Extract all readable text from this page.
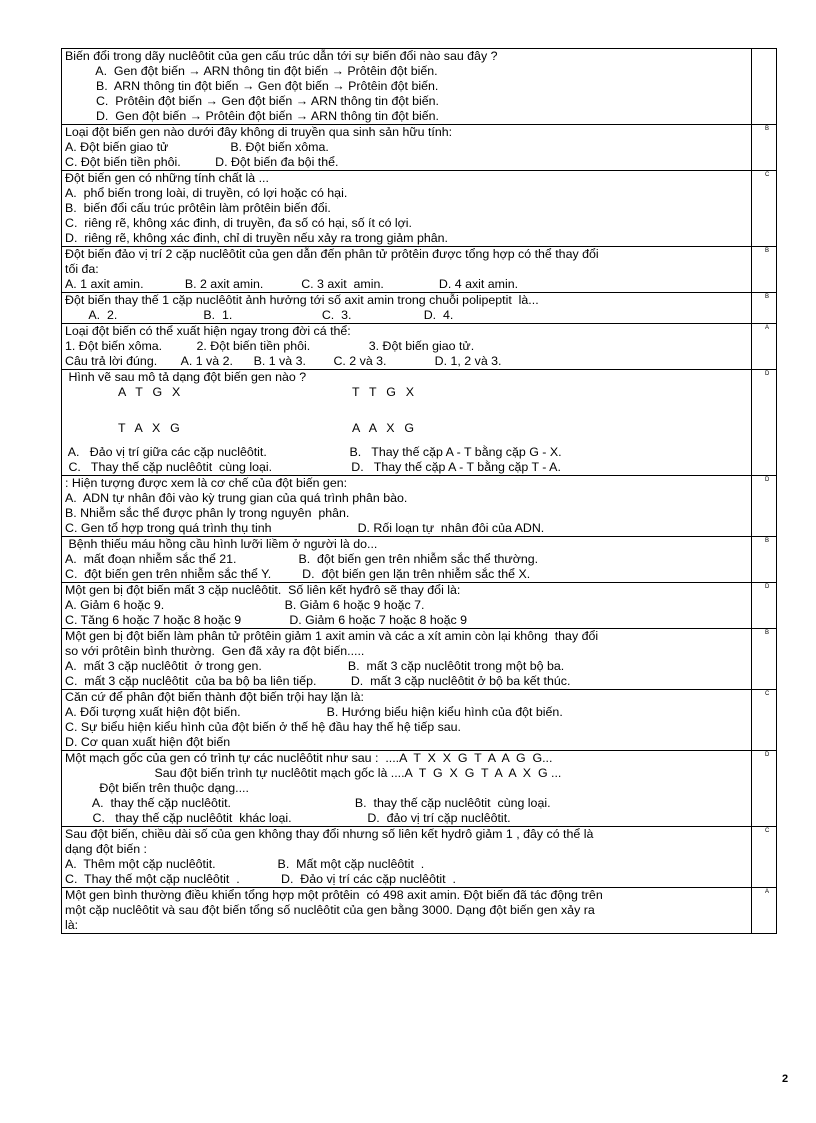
Biến đổi trong dãy nuclêôtit của gen cấu trúc dẫn tới sự biến đổi nào sau đây ?
A.  Gen đột biến → ARN thông tin đột biến → Prôtêin đột biến.
B.  ARN thông tin đột biến → Gen đột biến → Prôtêin đột biến.
C.  Prôtêin đột biến → Gen đột biến → ARN thông tin đột biến.
D.  Gen đột biến → Prôtêin đột biến → ARN thông tin đột biến.
Loại đột biến gen nào dưới đây không di truyền qua sinh sản hữu tính:
A. Đột biến giao tử                  B. Đột biến xôma.
C. Đột biến tiền phôi.          D. Đột biến đa bội thể.
B
Đột biến gen có những tính chất là ...
A.  phổ biến trong loài, di truyền, có lợi hoặc có hại.
B.  biến đổi cấu trúc prôtêin làm prôtêin biến đổi.
C.  riêng rẽ, không xác đinh, di truyền, đa số có hại, số ít có lợi.
D.  riêng rẽ, không xác đinh, chỉ di truyền nếu xảy ra trong giảm phân.
C
Đột biến đảo vị trí 2 cặp nuclêôtit của gen dẫn đến phân tử prôtêin được tổng hợp có thể thay đổi
tối đa:
A. 1 axit amin.            B. 2 axit amin.           C. 3 axit  amin.                D. 4 axit amin.
B
Đột biến thay thế 1 cặp nuclêôtit ảnh hưởng tới số axit amin trong chuỗi polipeptit  là...
A.  2.                         B.  1.                          C.  3.                     D.  4.
B
Loại đột biến có thể xuất hiện ngay trong đời cá thể:
1. Đột biến xôma.          2. Đột biến tiền phôi.                 3. Đột biến giao tử.
Câu trả lời đúng.       A. 1 và 2.      B. 1 và 3.        C. 2 và 3.              D. 1, 2 và 3.
A
Hình vẽ sau mô tả dạng đột biến gen nào ?
A  T  G  X	T  T  G  X
T  A  X  G	A  A  X  G
A.   Đảo vị trí giữa các cặp nuclêôtit.                        B.   Thay thế cặp A - T bằng cặp G - X.
C.   Thay thế cặp nuclêôtit  cùng loại.                       D.   Thay thế cặp A - T bằng cặp T - A.
D
: Hiện tượng được xem là cơ chế của đột biến gen:
A.  ADN tự nhân đôi vào kỳ trung gian của quá trình phân bào.
B. Nhiễm sắc thể được phân ly trong nguyên  phân.
C. Gen tổ hợp trong quá trình thụ tinh                         D. Rối loạn tự  nhân đôi của ADN.
D
Bệnh thiếu máu hồng cầu hình lưỡi liềm ở người là do...
A.  mất đoạn nhiễm sắc thể 21.                  B.  đột biến gen trên nhiễm sắc thể thường.
C.  đột biến gen trên nhiễm sắc thể Y.         D.  đột biến gen lặn trên nhiễm sắc thể X.
B
Một gen bị đột biến mất 3 cặp nuclêôtit.  Số liên kết hyđrô sẽ thay đổi là:
A. Giảm 6 hoặc 9.                                   B. Giảm 6 hoặc 9 hoặc 7.
C. Tăng 6 hoặc 7 hoặc 8 hoặc 9              D. Giảm 6 hoặc 7 hoặc 8 hoặc 9
D
Một gen bị đột biến làm phân tử prôtêin giảm 1 axit amin và các a xít amin còn lại không  thay đổi
so với prôtêin bình thường.  Gen đã xảy ra đột biến.....
A.  mất 3 cặp nuclêôtit  ở trong gen.                         B.  mất 3 cặp nuclêôtit trong một bộ ba.
C.  mất 3 cặp nuclêôtit  của ba bộ ba liên tiếp.          D.  mất 3 cặp nuclêôtit ở bộ ba kết thúc.
B
Căn cứ để phân đột biến thành đột biến trội hay lặn là:
A. Đối tượng xuất hiện đột biến.                         B. Hướng biểu hiện kiểu hình của đột biến.
C. Sự biểu hiện kiểu hình của đột biến ở thế hệ đầu hay thế hệ tiếp sau.
D. Cơ quan xuất hiện đột biến
C
Một mạch gốc của gen có trình tự các nuclêôtit như sau :  ....A  T  X  X  G  T  A  A  G  G...
Sau đột biến trình tự nuclêôtit mạch gốc là ....A  T  G  X  G  T  A  A  X  G ...
Đột biến trên thuộc dạng....
A.  thay thế cặp nuclêôtit.                                    B.  thay thế cặp nuclêôtit  cùng loại.
C.   thay thế cặp nuclêôtit  khác loại.                      D.  đảo vị trí cặp nuclêôtit.
D
Sau đột biến, chiều dài số của gen không thay đổi nhưng số liên kết hydrô giảm 1 , đây có thể là
dạng đột biến :
A.  Thêm một cặp nuclêôtit.                  B.  Mất một cặp nuclêôtit  .
C.  Thay thế một cặp nuclêôtit  .            D.  Đảo vị trí các cặp nuclêôtit  .
C
Một gen bình thường điều khiển tổng hợp một prôtêin  có 498 axit amin. Đột biến đã tác động trên
một cặp nuclêôtit và sau đột biến tổng số nuclêôtit của gen bằng 3000. Dạng đột biến gen xảy ra
là:
A
2
